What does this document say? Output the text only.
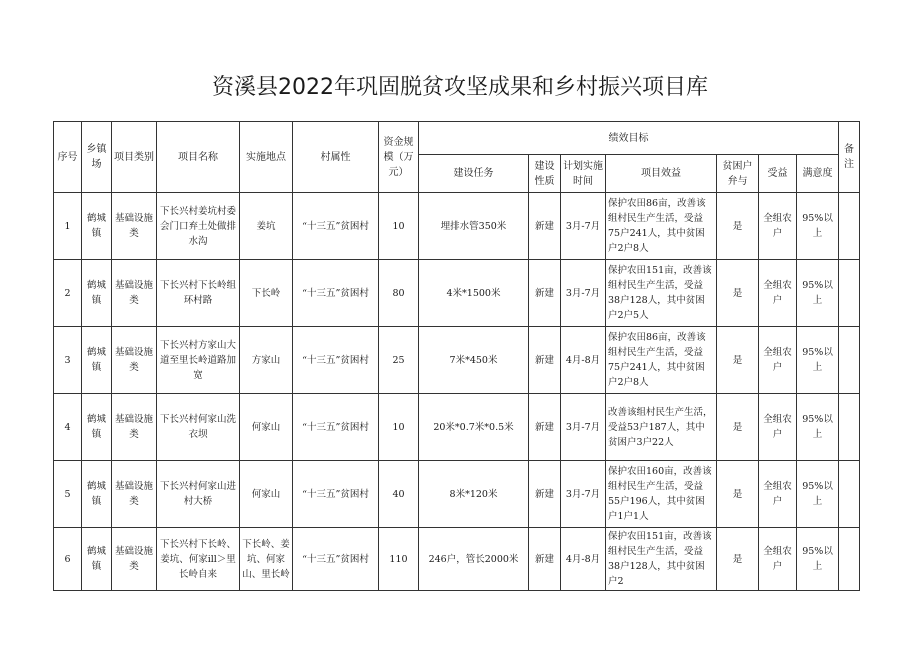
资溪县2022年巩固脱贫攻坚成果和乡村振兴项目库
序号	乡镇场	项目类别	项目名称	实施地点	村属性	资金规模（万元）	绩效目标							备注
							建设任务	建设性质	计划实施时间	项目效益	贫困户弁与	受益	满意度	
1	鹤城镇	基础设施类	下长兴村姜坑村委会门口弃土处做排水沟	姜坑	“十三五”贫困村	10	埋排水管350米	新建	3月-7月	保护农田86亩，改善该组村民生产生活，受益75户241人，其中贫困户2户8人	是	全组农户	95%以上	
2	鹤城镇	基础设施类	下长兴村下长岭组环村路	下长岭	“十三五”贫困村	80	4米*1500米	新建	3月-7月	保护农田151亩，改善该组村民生产生活，受益38户128人，其中贫困户2户5人	是	全组农户	95%以上	
3	鹤城镇	基础设施类	下长兴村方家山大道至里长岭道路加宽	方家山	“十三五”贫困村	25	7米*450米	新建	4月-8月	保护农田86亩，改善该组村民生产生活，受益75户241人，其中贫困户2户8人	是	全组农户	95%以上	
4	鹤城镇	基础设施类	下长兴村何家山洗衣坝	何家山	“十三五”贫困村	10	20米*0.7米*0.5米	新建	3月-7月	改善该组村民生产生活，受益53户187人，其中贫困户3户22人	是	全组农户	95%以上	
5	鹤城镇	基础设施类	下长兴村何家山进村大桥	何家山	“十三五”贫困村	40	8米*120米	新建	3月-7月	保护农田160亩，改善该组村民生产生活，受益55户196人，其中贫困户1户1人	是	全组农户	95%以上	
6	鹤城镇	基础设施类	下长兴村下长岭、姜坑、何家ill＞里长岭自来	下长岭、姜坑、何家山、里长岭	“十三五”贫困村	110	246户，管长2000米	新建	4月-8月	保护农田151亩，改善该组村民生产生活，受益38户128人，其中贫困户2	是	全组农户	95%以上	
